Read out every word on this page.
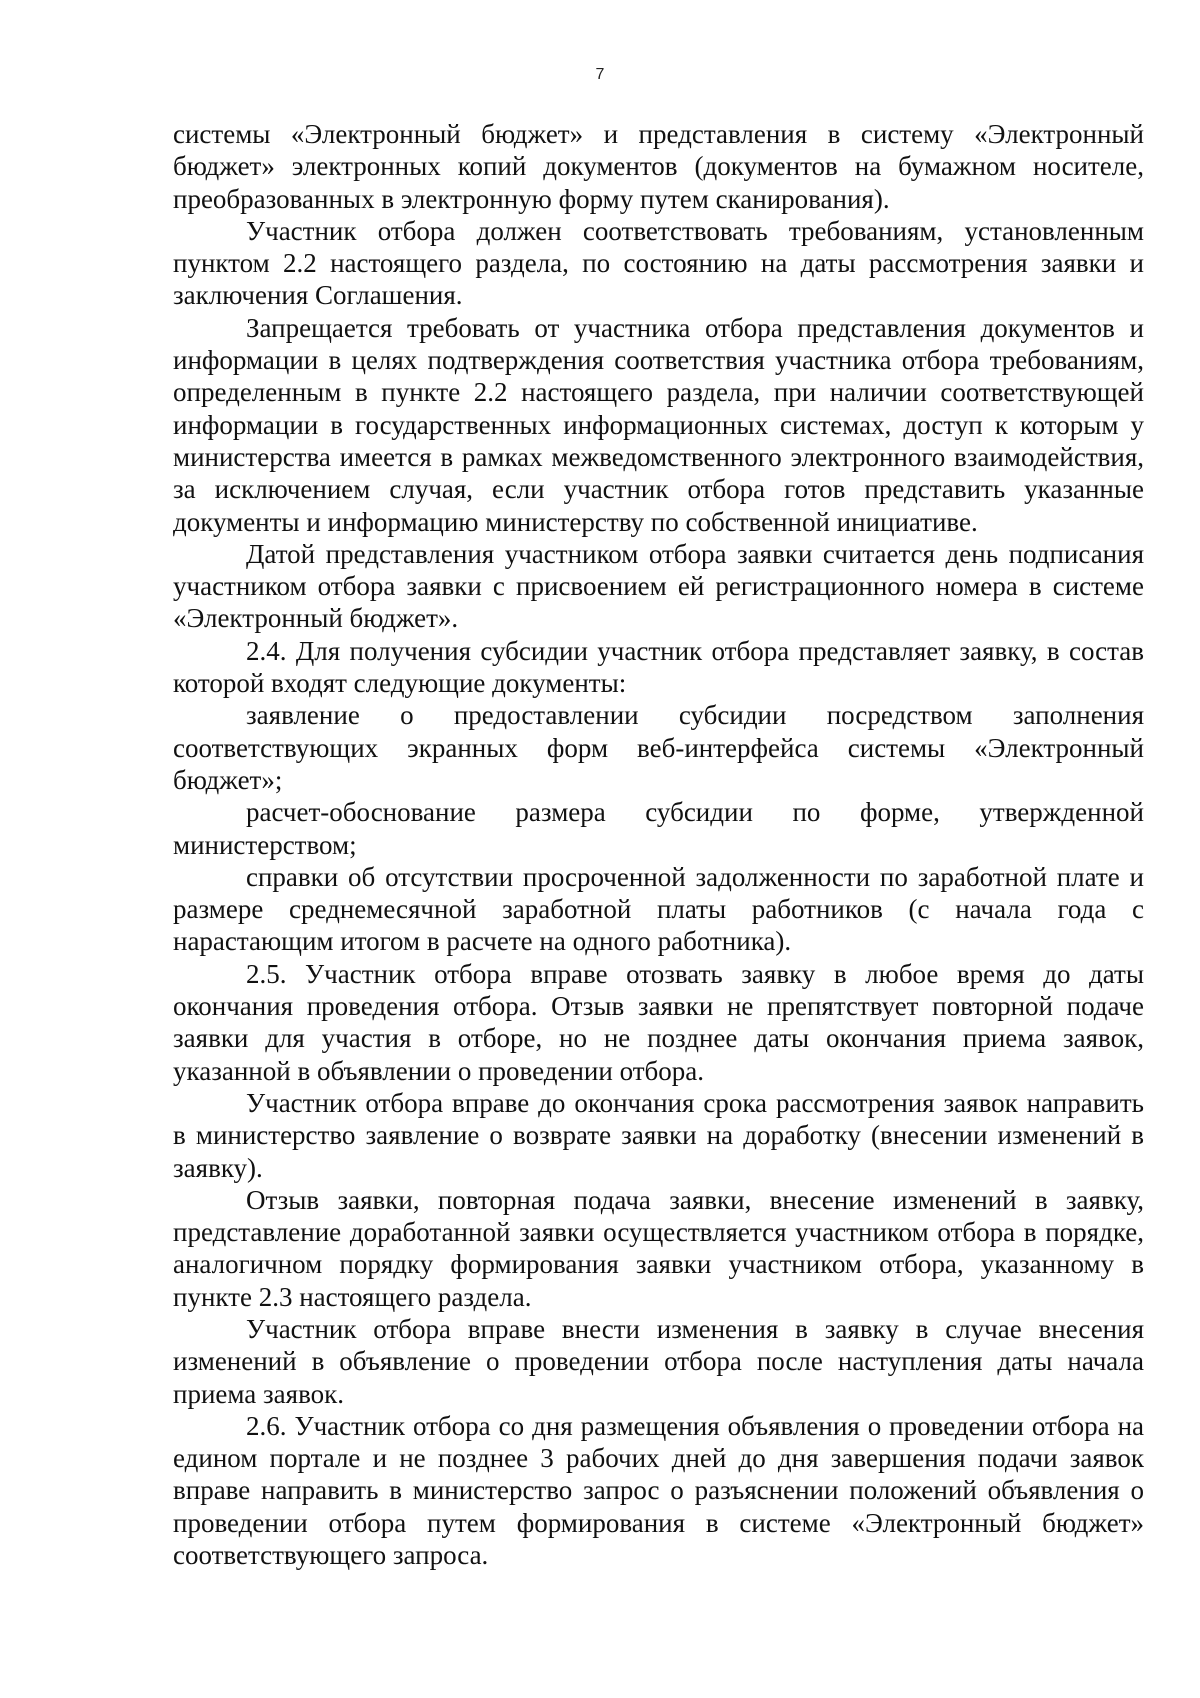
7

системы «Электронный бюджет» и представления в систему «Электронный бюджет» электронных копий документов (документов на бумажном носителе, преобразованных в электронную форму путем сканирования).

Участник отбора должен соответствовать требованиям, установленным пунктом 2.2 настоящего раздела, по состоянию на даты рассмотрения заявки и заключения Соглашения.

Запрещается требовать от участника отбора представления документов и информации в целях подтверждения соответствия участника отбора требованиям, определенным в пункте 2.2 настоящего раздела, при наличии соответствующей информации в государственных информационных системах, доступ к которым у министерства имеется в рамках межведомственного электронного взаимодействия, за исключением случая, если участник отбора готов представить указанные документы и информацию министерству по собственной инициативе.

Датой представления участником отбора заявки считается день подписания участником отбора заявки с присвоением ей регистрационного номера в системе «Электронный бюджет».

2.4. Для получения субсидии участник отбора представляет заявку, в состав которой входят следующие документы:

заявление о предоставлении субсидии посредством заполнения соответствующих экранных форм веб-интерфейса системы «Электронный бюджет»;

расчет-обоснование размера субсидии по форме, утвержденной министерством;

справки об отсутствии просроченной задолженности по заработной плате и размере среднемесячной заработной платы работников (с начала года с нарастающим итогом в расчете на одного работника).

2.5. Участник отбора вправе отозвать заявку в любое время до даты окончания проведения отбора. Отзыв заявки не препятствует повторной подаче заявки для участия в отборе, но не позднее даты окончания приема заявок, указанной в объявлении о проведении отбора.

Участник отбора вправе до окончания срока рассмотрения заявок направить в министерство заявление о возврате заявки на доработку (внесении изменений в заявку).

Отзыв заявки, повторная подача заявки, внесение изменений в заявку, представление доработанной заявки осуществляется участником отбора в порядке, аналогичном порядку формирования заявки участником отбора, указанному в пункте 2.3 настоящего раздела.

Участник отбора вправе внести изменения в заявку в случае внесения изменений в объявление о проведении отбора после наступления даты начала приема заявок.

2.6. Участник отбора со дня размещения объявления о проведении отбора на едином портале и не позднее 3 рабочих дней до дня завершения подачи заявок вправе направить в министерство запрос о разъяснении положений объявления о проведении отбора путем формирования в системе «Электронный бюджет» соответствующего запроса.
